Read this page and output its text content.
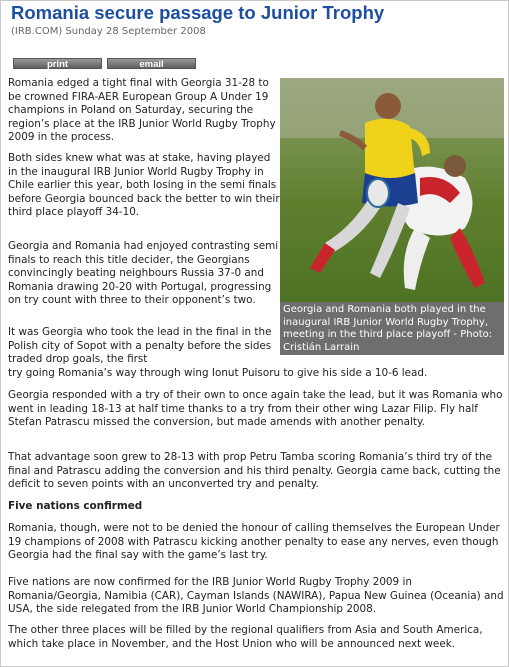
Romania secure passage to Junior Trophy
(IRB.COM) Sunday 28 September 2008
print	email

Romania edged a tight final with Georgia 31-28 to be crowned FIRA-AER European Group A Under 19 champions in Poland on Saturday, securing the region’s place at the IRB Junior World Rugby Trophy 2009 in the process.

Both sides knew what was at stake, having played in the inaugural IRB Junior World Rugby Trophy in Chile earlier this year, both losing in the semi finals before Georgia bounced back the better to win their third place playoff 34-10.

Georgia and Romania had enjoyed contrasting semi finals to reach this title decider, the Georgians convincingly beating neighbours Russia 37-0 and Romania drawing 20-20 with Portugal, progressing on try count with three to their opponent’s two.

It was Georgia who took the lead in the final in the Polish city of Sopot with a penalty before the sides traded drop goals, the first

try going Romania’s way through wing Ionut Puisoru to give his side a 10-6 lead.

Georgia responded with a try of their own to once again take the lead, but it was Romania who went in leading 18-13 at half time thanks to a try from their other wing Lazar Filip. Fly half Stefan Patrascu missed the conversion, but made amends with another penalty.

That advantage soon grew to 28-13 with prop Petru Tamba scoring Romania’s third try of the final and Patrascu adding the conversion and his third penalty. Georgia came back, cutting the deficit to seven points with an unconverted try and penalty.

Five nations confirmed

Romania, though, were not to be denied the honour of calling themselves the European Under 19 champions of 2008 with Patrascu kicking another penalty to ease any nerves, even though Georgia had the final say with the game’s last try.

Five nations are now confirmed for the IRB Junior World Rugby Trophy 2009 in Romania/Georgia, Namibia (CAR), Cayman Islands (NAWIRA), Papua New Guinea (Oceania) and USA, the side relegated from the IRB Junior World Championship 2008.

The other three places will be filled by the regional qualifiers from Asia and South America, which take place in November, and the Host Union who will be announced next week.

Georgia and Romania both played in the inaugural IRB Junior World Rugby Trophy, meeting in the third place playoff - Photo: Cristián Larrain
